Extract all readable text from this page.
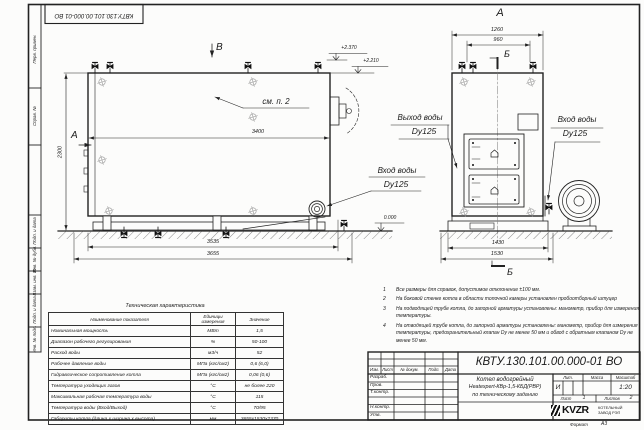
КВТУ.130.101.00.000-01 ВО
Перв. примен.
Справ. №
Подп. и дата
Инв. № дубл.
Взам. инв. №
Подп. и дата
Инв. № подл.
В
А
см. п. 2
3400
2300
3535
3655
+2.370
+2.210
0.000
Вход воды
Dy125
А
1260
960
Б
Б
Выход воды
Dy125
Вход воды
Dy125
1430
1530
Техническая характеристика
Наименование показателя	Единицы измерения	Значение
Номинальная мощность	МВт	1,5
Диапазон рабочего регулирования	%	50-100
Расход воды	м3/ч	52
Рабочее давление воды	МПа (кгс/см2)	0,6 (6,0)
Гидравлическое сопротивление котла	МПа (кгс/см2)	0,06 (0,6)
Температура уходящих газов	°С	не более 220
Максимальная рабочая температура воды	°С	115
Температура воды (Вход/Выход)	°С	70/95
Габариты котла (длина х ширина х высота)	мм	3655х1530х2370
1	Все размеры для справок, допустимое отклонение ±100 мм.
2	На боковой стенке котла в области топочной камеры установлен пробоотборный штуцер
3	На подводящей трубе котла, до запорной арматуры установлены: манометр, прибор для измерения температуры.
4	На отводящей трубе котла, до запорной арматуры установлены: манометр, прибор для измерения температуры, предохранительный клапан Dу не менее 50 мм и обвод с обратным клапаном Dу не менее 50 мм.
КВТУ.130.101.00.000-01 ВО
Изм. Лист № докум. Подп. Дата
Разраб.
Пров.
Т.контр.
Н.контр.
Утв.
Котел водогрейный
Heatexpert-КВр-1,5-КБД(РВР)
по техническому заданию
Лит.	Масса	Масштаб
И	1:20
Лист 1	Листов 2
KVZR КОТЕЛЬНЫЙ
ЗАВОД РЭП
Формат	А3
